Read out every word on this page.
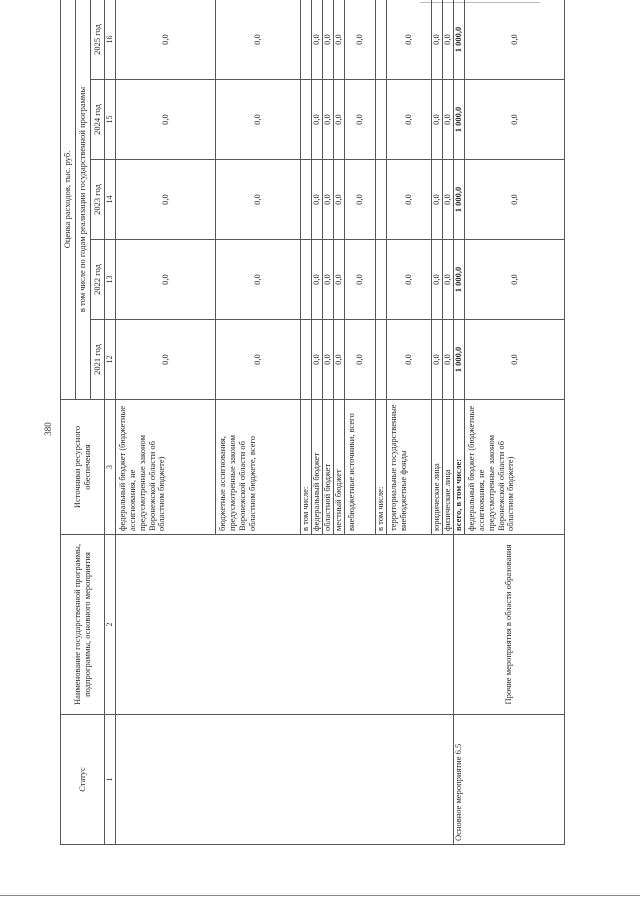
380
Статус	Наименование государственной программы, подпрограммы, основного мероприятия	Источники ресурсного обеспечения	Оценка расходов, тыс. руб.				
			в том числе по годам реализации государственной программы				
			2021 год	2022 год	2023 год	2024 год	2025 год
1	2	3	12	13	14	15	16
		федеральный бюджет (бюджетные ассигнования, не предусмотренные законом Воронежской области об областном бюджете)	0,0	0,0	0,0	0,0	0,0
		бюджетные ассигнования, предусмотренные законом Воронежской области об областном бюджете, всего	0,0	0,0	0,0	0,0	0,0
		в том числе:					
		федеральный бюджет	0,0	0,0	0,0	0,0	0,0
		областной бюджет	0,0	0,0	0,0	0,0	0,0
		местный бюджет	0,0	0,0	0,0	0,0	0,0
		внебюджетные источники, всего	0,0	0,0	0,0	0,0	0,0
		в том числе:					
		территориальные государственные внебюджетные фонды	0,0	0,0	0,0	0,0	0,0
		юридические лица	0,0	0,0	0,0	0,0	0,0
		физические лица	0,0	0,0	0,0	0,0	0,0
Основное мероприятие 6.5	Прочие мероприятия в области образования	всего, в том числе:	1 000,0	1 000,0	1 000,0	1 000,0	1 000,0
		федеральный бюджет (бюджетные ассигнования, не предусмотренные законом Воронежской области об областном бюджете)	0,0	0,0	0,0	0,0	0,0
